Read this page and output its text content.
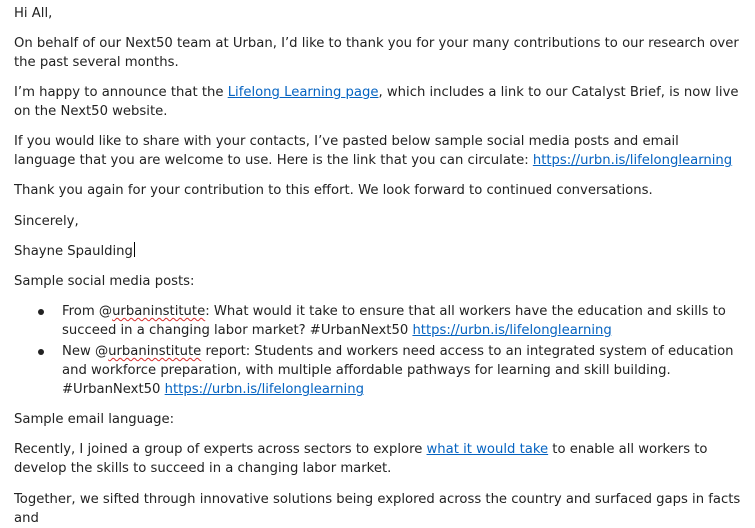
Hi All,

On behalf of our Next50 team at Urban, I’d like to thank you for your many contributions to our research over the past several months.

I’m happy to announce that the Lifelong Learning page, which includes a link to our Catalyst Brief, is now live on the Next50 website.

If you would like to share with your contacts, I’ve pasted below sample social media posts and email language that you are welcome to use. Here is the link that you can circulate: https://urbn.is/lifelonglearning

Thank you again for your contribution to this effort. We look forward to continued conversations.

Sincerely,

Shayne Spaulding

Sample social media posts:

From @urbaninstitute: What would it take to ensure that all workers have the education and skills to succeed in a changing labor market? #UrbanNext50 https://urbn.is/lifelonglearning

New @urbaninstitute report: Students and workers need access to an integrated system of education and workforce preparation, with multiple affordable pathways for learning and skill building. #UrbanNext50 https://urbn.is/lifelonglearning

Sample email language:

Recently, I joined a group of experts across sectors to explore what it would take to enable all workers to develop the skills to succeed in a changing labor market.

Together, we sifted through innovative solutions being explored across the country and surfaced gaps in facts and
